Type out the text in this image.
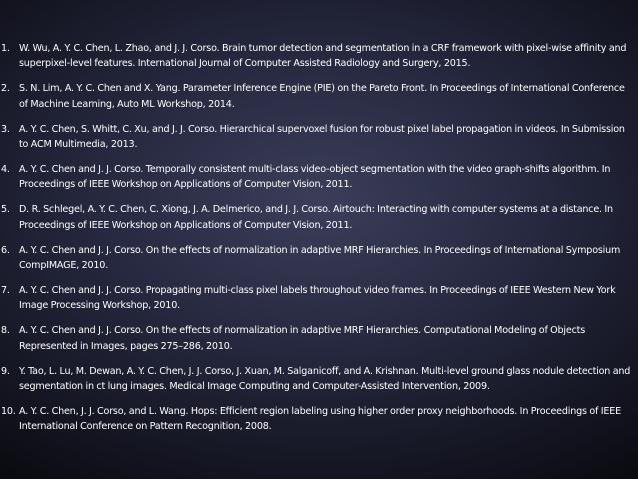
1. W. Wu, A. Y. C. Chen, L. Zhao, and J. J. Corso. Brain tumor detection and segmentation in a CRF framework with pixel-wise affinity and superpixel-level features. International Journal of Computer Assisted Radiology and Surgery, 2015.
2. S. N. Lim, A. Y. C. Chen and X. Yang. Parameter Inference Engine (PIE) on the Pareto Front. In Proceedings of International Conference of Machine Learning, Auto ML Workshop, 2014.
3. A. Y. C. Chen, S. Whitt, C. Xu, and J. J. Corso. Hierarchical supervoxel fusion for robust pixel label propagation in videos. In Submission to ACM Multimedia, 2013.
4. A. Y. C. Chen and J. J. Corso. Temporally consistent multi-class video-object segmentation with the video graph-shifts algorithm. In Proceedings of IEEE Workshop on Applications of Computer Vision, 2011.
5. D. R. Schlegel, A. Y. C. Chen, C. Xiong, J. A. Delmerico, and J. J. Corso. Airtouch: Interacting with computer systems at a distance. In Proceedings of IEEE Workshop on Applications of Computer Vision, 2011.
6. A. Y. C. Chen and J. J. Corso. On the effects of normalization in adaptive MRF Hierarchies. In Proceedings of International Symposium CompIMAGE, 2010.
7. A. Y. C. Chen and J. J. Corso. Propagating multi-class pixel labels throughout video frames. In Proceedings of IEEE Western New York Image Processing Workshop, 2010.
8. A. Y. C. Chen and J. J. Corso. On the effects of normalization in adaptive MRF Hierarchies. Computational Modeling of Objects Represented in Images, pages 275–286, 2010.
9. Y. Tao, L. Lu, M. Dewan, A. Y. C. Chen, J. J. Corso, J. Xuan, M. Salganicoff, and A. Krishnan. Multi-level ground glass nodule detection and segmentation in ct lung images. Medical Image Computing and Computer-Assisted Intervention, 2009.
10. A. Y. C. Chen, J. J. Corso, and L. Wang. Hops: Efficient region labeling using higher order proxy neighborhoods. In Proceedings of IEEE International Conference on Pattern Recognition, 2008.
